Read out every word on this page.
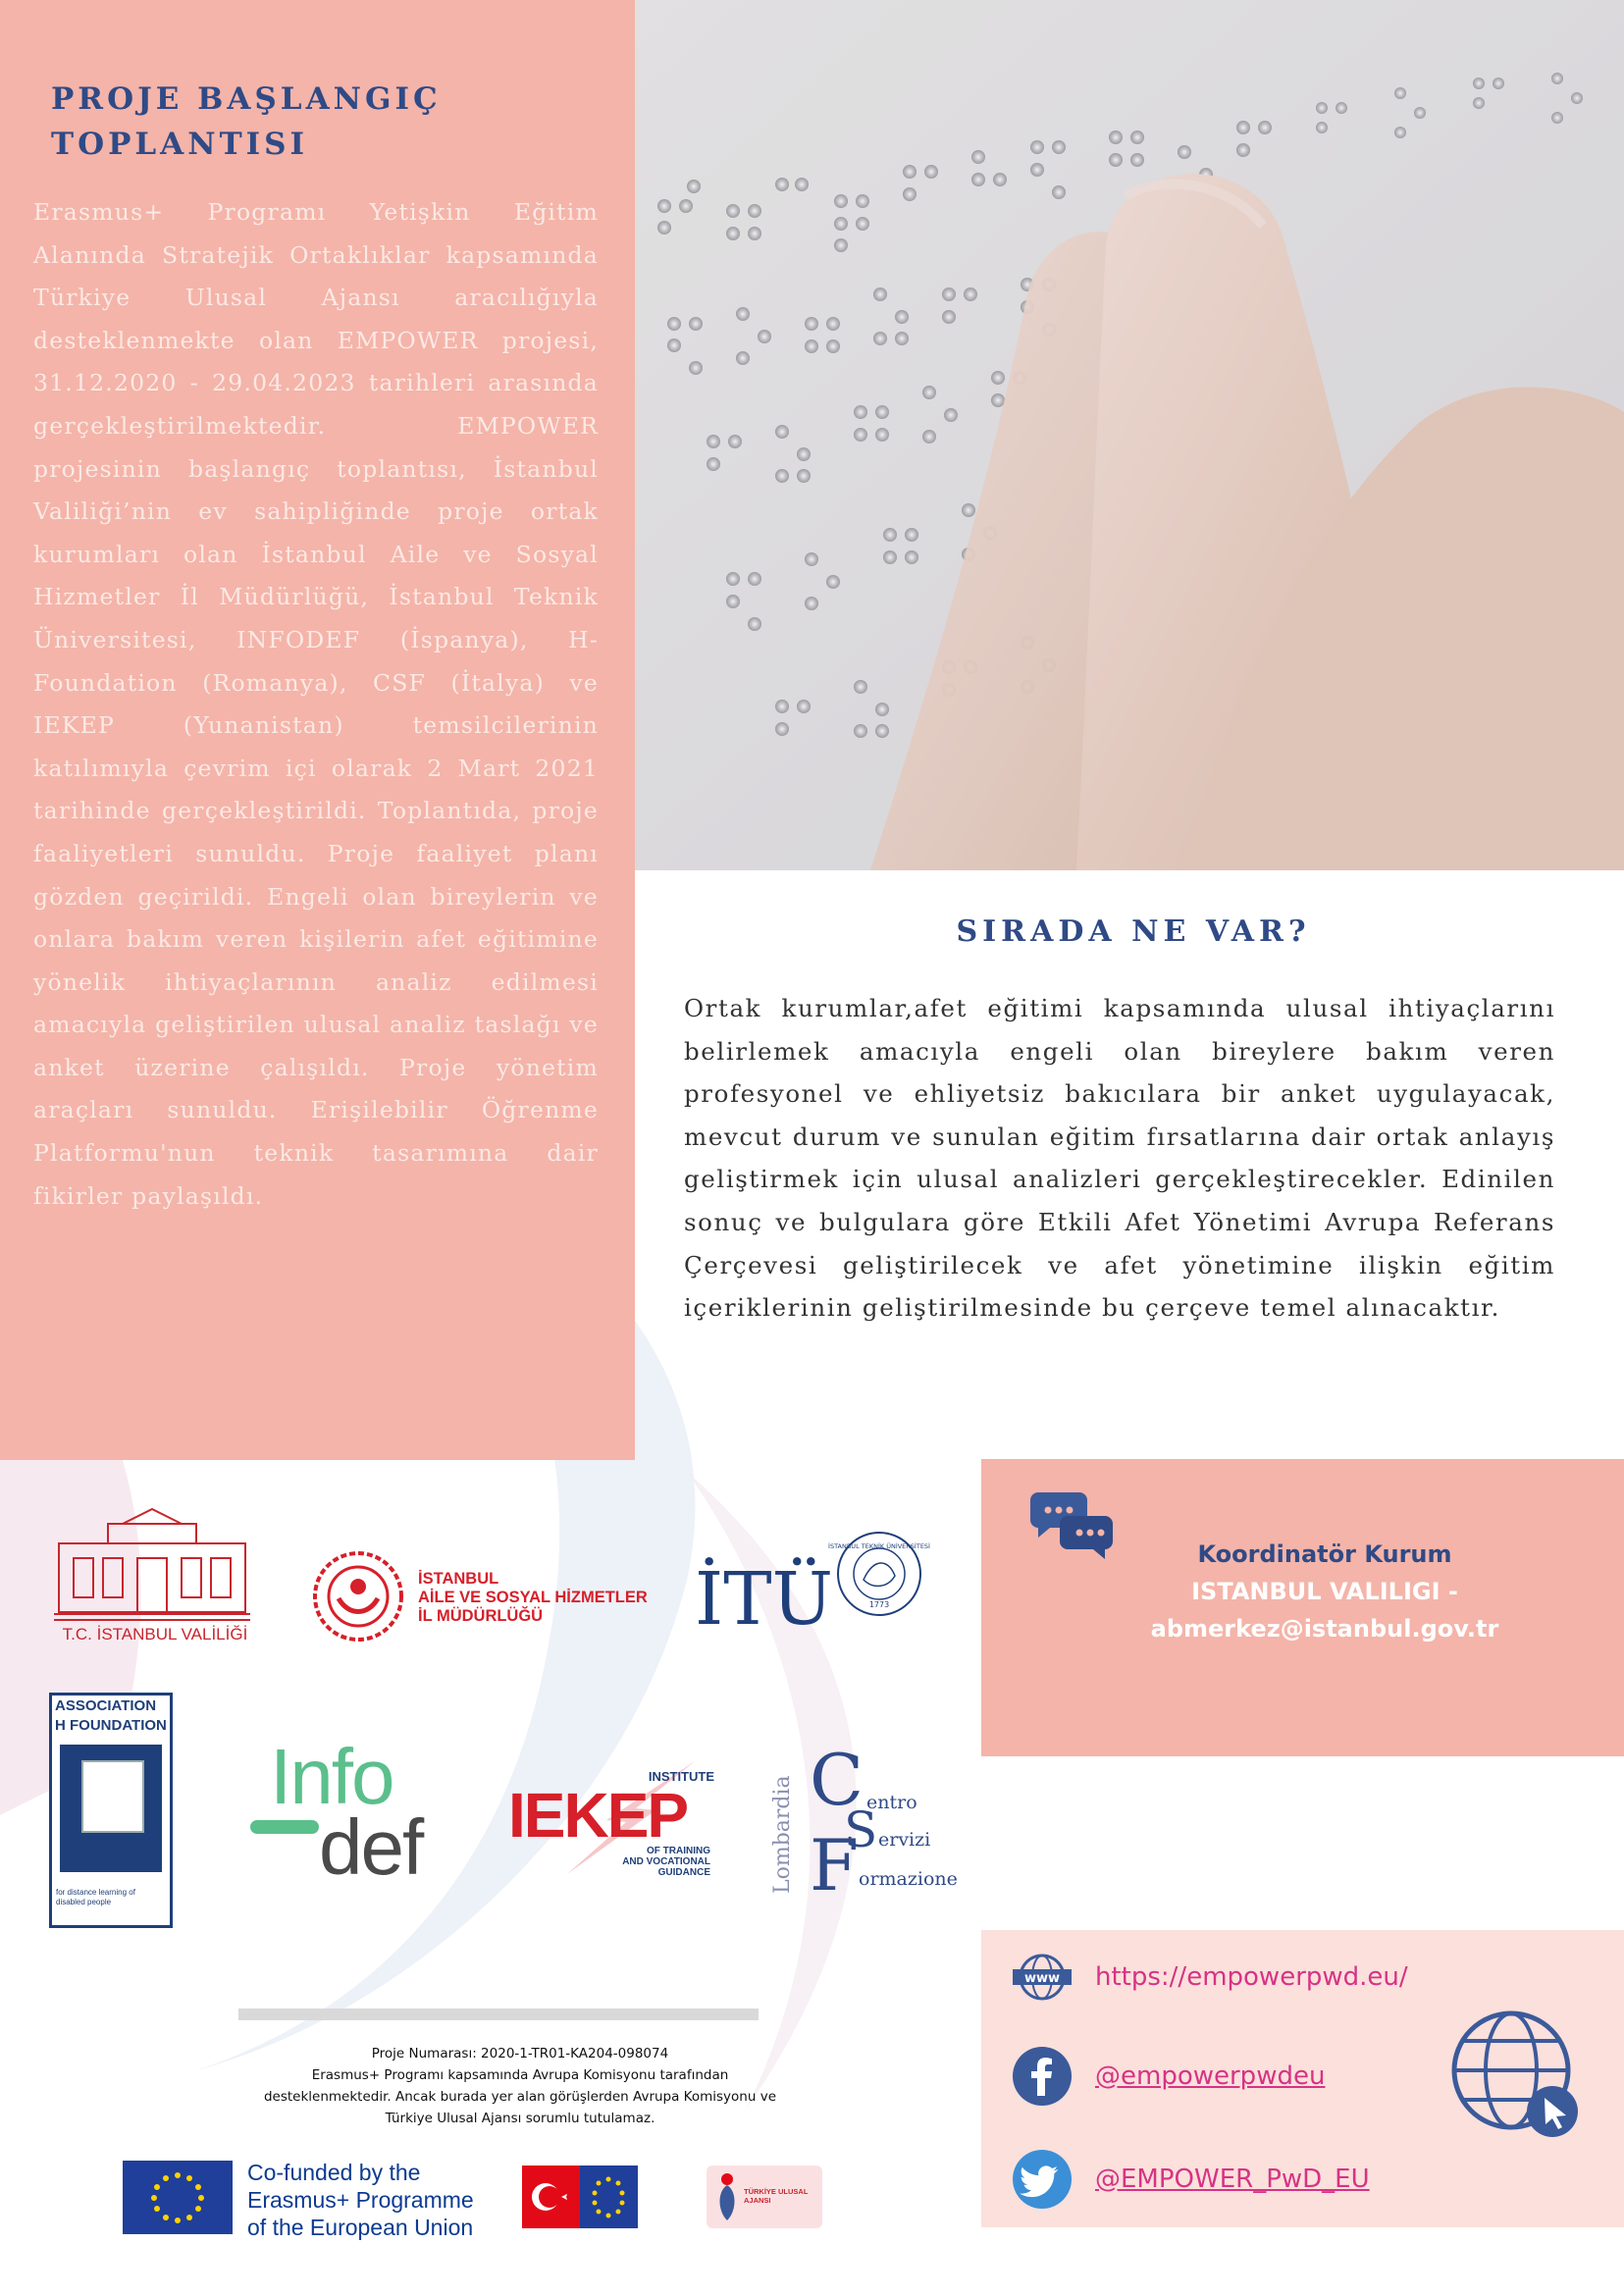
PROJE BAŞLANGIÇ
TOPLANTISI
Erasmus+ Programı Yetişkin Eğitim Alanında Stratejik Ortaklıklar kapsamında Türkiye Ulusal Ajansı aracılığıyla desteklenmekte olan EMPOWER projesi, 31.12.2020 - 29.04.2023 tarihleri arasında gerçekleştirilmektedir. EMPOWER projesinin başlangıç toplantısı, İstanbul Valiliği’nin ev sahipliğinde proje ortak kurumları olan İstanbul Aile ve Sosyal Hizmetler İl Müdürlüğü, İstanbul Teknik Üniversitesi, INFODEF (İspanya), H-Foundation (Romanya), CSF (İtalya) ve IEKEP (Yunanistan) temsilcilerinin katılımıyla çevrim içi olarak 2 Mart 2021 tarihinde gerçekleştirildi. Toplantıda, proje faaliyetleri sunuldu. Proje faaliyet planı gözden geçirildi. Engeli olan bireylerin ve onlara bakım veren kişilerin afet eğitimine yönelik ihtiyaçlarının analiz edilmesi amacıyla geliştirilen ulusal analiz taslağı ve anket üzerine çalışıldı. Proje yönetim araçları sunuldu. Erişilebilir Öğrenme Platformu'nun teknik tasarımına dair fikirler paylaşıldı.
SIRADA NE VAR?
Ortak kurumlar,afet eğitimi kapsamında ulusal ihtiyaçlarını belirlemek amacıyla engeli olan bireylere bakım veren profesyonel ve ehliyetsiz bakıcılara bir anket uygulayacak, mevcut durum ve sunulan eğitim fırsatlarına dair ortak anlayış geliştirmek için ulusal analizleri gerçekleştirecekler. Edinilen sonuç ve bulgulara göre Etkili Afet Yönetimi Avrupa Referans Çerçevesi geliştirilecek ve afet yönetimine ilişkin eğitim içeriklerinin geliştirilmesinde bu çerçeve temel alınacaktır.
Koordinatör Kurum
ISTANBUL VALILIGI -
abmerkez@istanbul.gov.tr
T.C. İSTANBUL VALİLİĞİ
İSTANBUL
AİLE VE SOSYAL HİZMETLER
İL MÜDÜRLÜĞÜ	İTÜ
İSTANBUL TEKNİK ÜNİVERSİTESİ
1773
ASSOCIATION
H FOUNDATION
for distance learning of disabled people
Info
def
INSTITUTE
IEKEP
OF TRAINING
AND VOCATIONAL
GUIDANCE	Lombardia C
S
F
entro
ervizi
ormazione
www https://empowerpwd.eu/
@empowerpwdeu
@EMPOWER_PwD_EU
Proje Numarası: 2020-1-TR01-KA204-098074
Erasmus+ Programı kapsamında Avrupa Komisyonu tarafından
desteklenmektedir. Ancak burada yer alan görüşlerden Avrupa Komisyonu ve
Türkiye Ulusal Ajansı sorumlu tutulamaz.
Co-funded by the
Erasmus+ Programme
of the European Union
TÜRKİYE ULUSAL AJANSI
